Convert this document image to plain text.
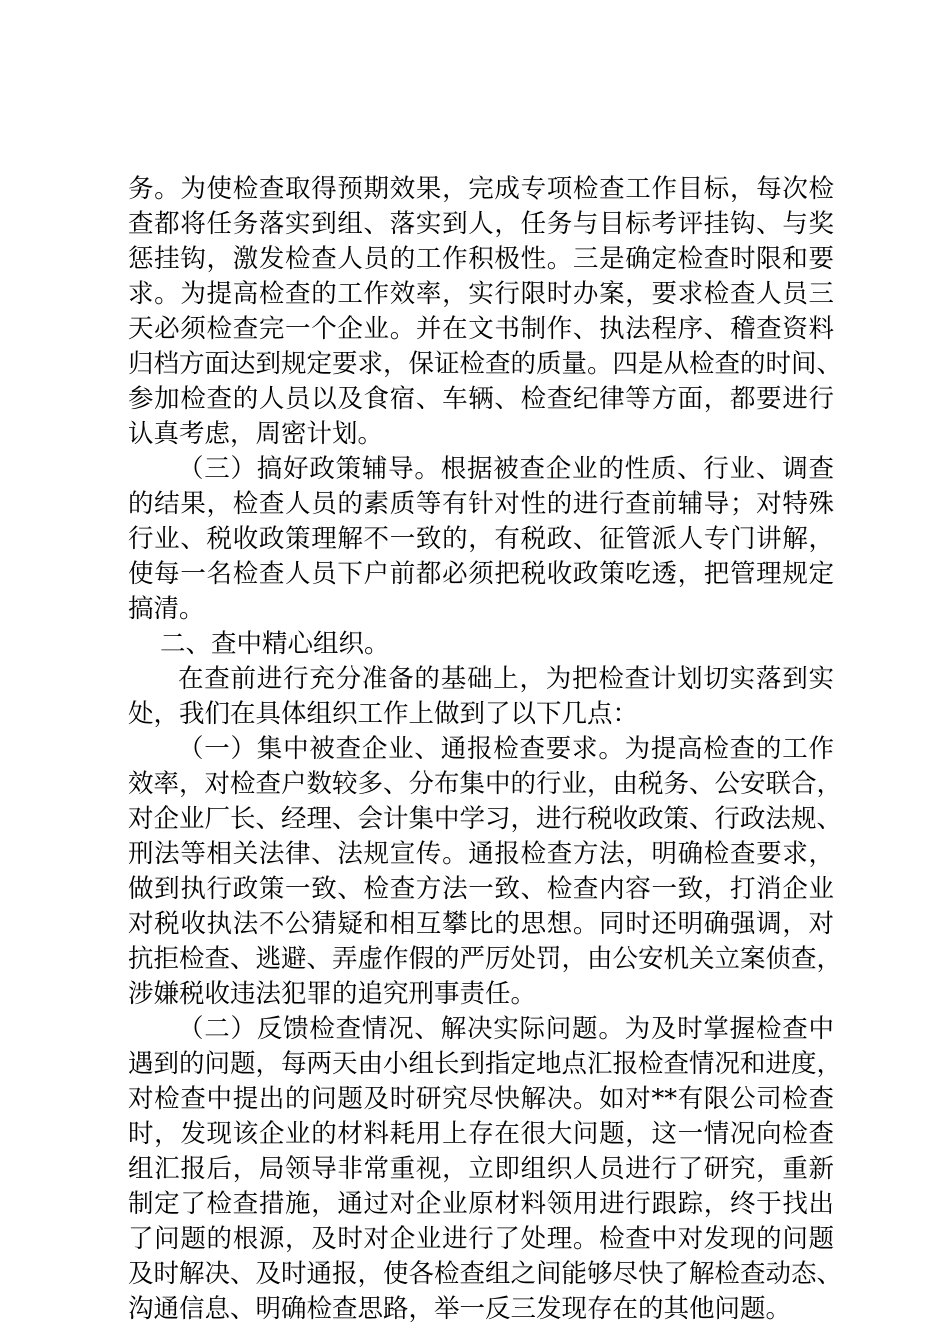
务。为使检查取得预期效果，完成专项检查工作目标，每次检
查都将任务落实到组、落实到人，任务与目标考评挂钩、与奖
惩挂钩，激发检查人员的工作积极性。三是确定检查时限和要
求。为提高检查的工作效率，实行限时办案，要求检查人员三
天必须检查完一个企业。并在文书制作、执法程序、稽查资料
归档方面达到规定要求，保证检查的质量。四是从检查的时间、
参加检查的人员以及食宿、车辆、检查纪律等方面，都要进行
认真考虑，周密计划。
（三）搞好政策辅导。根据被查企业的性质、行业、调查
的结果，检查人员的素质等有针对性的进行查前辅导；对特殊
行业、税收政策理解不一致的，有税政、征管派人专门讲解，
使每一名检查人员下户前都必须把税收政策吃透，把管理规定
搞清。
二、查中精心组织。
在查前进行充分准备的基础上，为把检查计划切实落到实
处，我们在具体组织工作上做到了以下几点：
（一）集中被查企业、通报检查要求。为提高检查的工作
效率，对检查户数较多、分布集中的行业，由税务、公安联合，
对企业厂长、经理、会计集中学习，进行税收政策、行政法规、
刑法等相关法律、法规宣传。通报检查方法，明确检查要求，
做到执行政策一致、检查方法一致、检查内容一致，打消企业
对税收执法不公猜疑和相互攀比的思想。同时还明确强调，对
抗拒检查、逃避、弄虚作假的严厉处罚，由公安机关立案侦查，
涉嫌税收违法犯罪的追究刑事责任。
（二）反馈检查情况、解决实际问题。为及时掌握检查中
遇到的问题，每两天由小组长到指定地点汇报检查情况和进度，
对检查中提出的问题及时研究尽快解决。如对**有限公司检查
时，发现该企业的材料耗用上存在很大问题，这一情况向检查
组汇报后，局领导非常重视，立即组织人员进行了研究，重新
制定了检查措施，通过对企业原材料领用进行跟踪，终于找出
了问题的根源，及时对企业进行了处理。检查中对发现的问题
及时解决、及时通报，使各检查组之间能够尽快了解检查动态、
沟通信息、明确检查思路，举一反三发现存在的其他问题。
